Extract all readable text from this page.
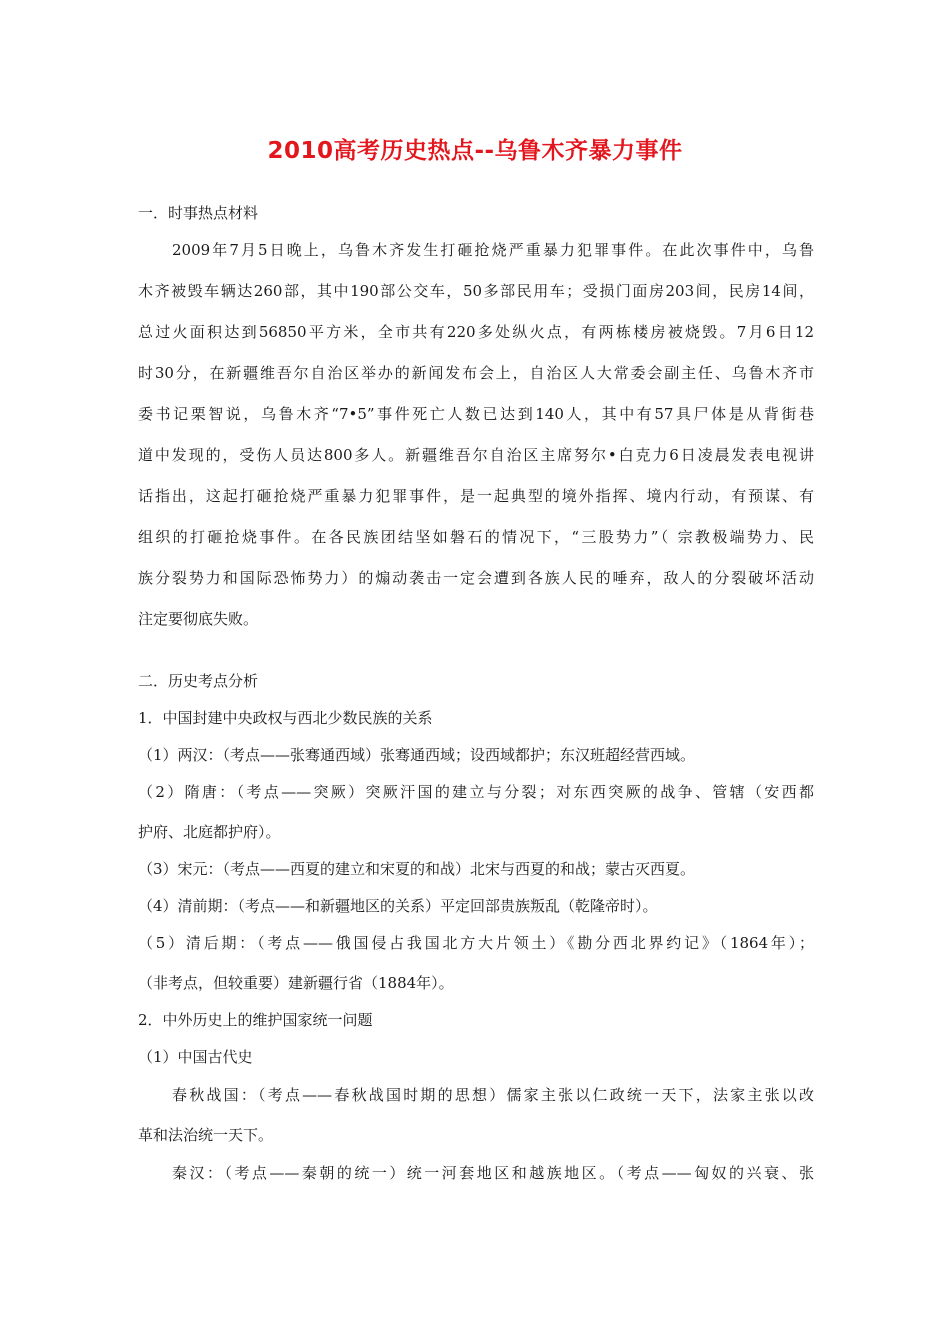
2010高考历史热点--乌鲁木齐暴力事件
一．时事热点材料
2009年7月5日晚上，乌鲁木齐发生打砸抢烧严重暴力犯罪事件。在此次事件中，乌鲁
木齐被毁车辆达260部，其中190部公交车，50多部民用车；受损门面房203间，民房14间，
总过火面积达到56850平方米，全市共有220多处纵火点，有两栋楼房被烧毁。7月6日12
时30分，在新疆维吾尔自治区举办的新闻发布会上，自治区人大常委会副主任、乌鲁木齐市
委书记栗智说，乌鲁木齐“7•5”事件死亡人数已达到140人，其中有57具尸体是从背街巷
道中发现的，受伤人员达800多人。新疆维吾尔自治区主席努尔•白克力6日凌晨发表电视讲
话指出，这起打砸抢烧严重暴力犯罪事件，是一起典型的境外指挥、境内行动，有预谋、有
组织的打砸抢烧事件。在各民族团结坚如磐石的情况下，“三股势力”（ 宗教极端势力、民
族分裂势力和国际恐怖势力）的煽动袭击一定会遭到各族人民的唾弃，敌人的分裂破坏活动
注定要彻底失败。
二．历史考点分析
1．中国封建中央政权与西北少数民族的关系
（1）两汉：（考点——张骞通西域）张骞通西域；设西域都护；东汉班超经营西域。
（2）隋唐：（考点——突厥）突厥汗国的建立与分裂；对东西突厥的战争、管辖（安西都
护府、北庭都护府）。
（3）宋元：（考点——西夏的建立和宋夏的和战）北宋与西夏的和战；蒙古灭西夏。
（4）清前期：（考点——和新疆地区的关系）平定回部贵族叛乱（乾隆帝时）。
（5）清后期：（考点——俄国侵占我国北方大片领土）《勘分西北界约记》（1864年）；
（非考点，但较重要）建新疆行省（1884年）。
2．中外历史上的维护国家统一问题
（1）中国古代史
春秋战国：（考点——春秋战国时期的思想）儒家主张以仁政统一天下，法家主张以改
革和法治统一天下。
秦汉：（考点——秦朝的统一）统一河套地区和越族地区。（考点——匈奴的兴衰、张
